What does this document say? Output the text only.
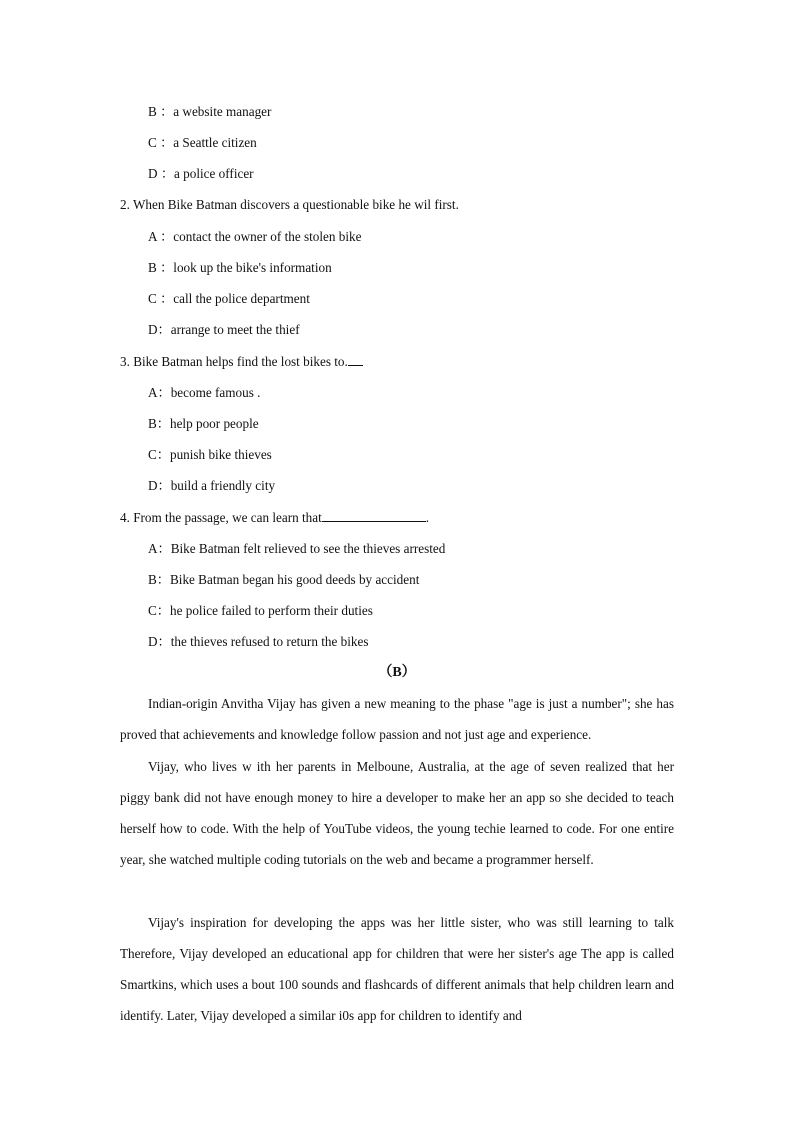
B ：a website manager
C ：a Seattle citizen
D ：a police officer
2. When Bike Batman discovers a questionable bike he wil first.
A ：contact the owner of the stolen bike
B ：look up the bike's information
C ：call the police department
D：arrange to meet the thief
3. Bike Batman helps find the lost bikes to.
A：become famous .
B：help poor people
C：punish bike thieves
D：build a friendly city
4. From the passage, we can learn that	.
A：Bike Batman felt relieved to see the thieves arrested
B：Bike Batman began his good deeds by accident
C：he police failed to perform their duties
D：the thieves refused to return the bikes
（B）
Indian-origin Anvitha Vijay has given a new meaning to the phase "age is just a number"; she has proved that achievements and knowledge follow passion and not just age and experience.
Vijay, who lives w ith her parents in Melboune, Australia, at the age of seven realized that her piggy bank did not have enough money to hire a developer to make her an app so she decided to teach herself how to code. With the help of YouTube videos, the young techie learned to code. For one entire year, she watched multiple coding tutorials on the web and became a programmer herself.
Vijay's inspiration for developing the apps was her little sister, who was still learning to talk Therefore, Vijay developed an educational app for children that were her sister's age The app is called Smartkins, which uses a bout 100 sounds and flashcards of different animals that help children learn and identify. Later, Vijay developed a similar i0s app for children to identify and
